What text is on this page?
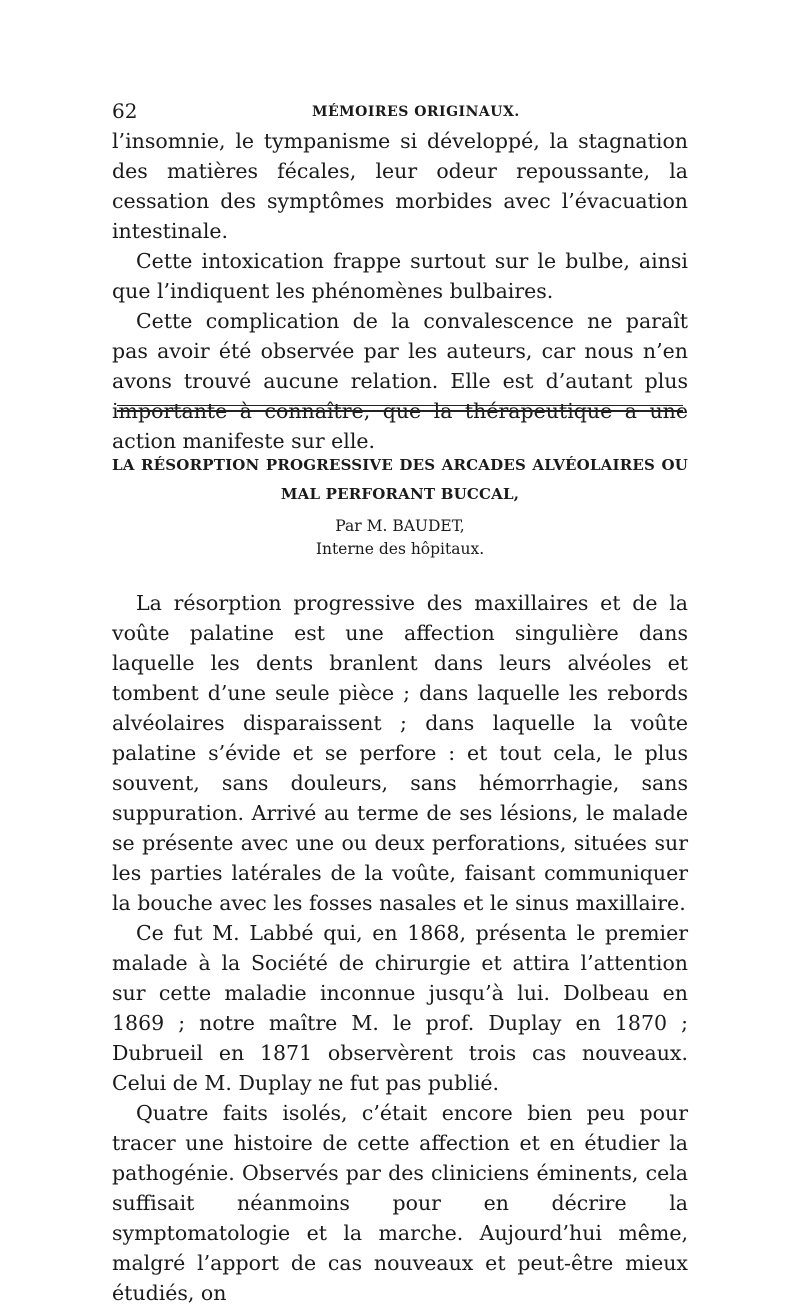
62	MÉMOIRES ORIGINAUX.

l’insomnie, le tympanisme si développé, la stagnation des matières fécales, leur odeur repoussante, la cessation des symptômes morbides avec l’évacuation intestinale.

Cette intoxication frappe surtout sur le bulbe, ainsi que l’indiquent les phénomènes bulbaires.

Cette complication de la convalescence ne paraît pas avoir été observée par les auteurs, car nous n’en avons trouvé aucune relation. Elle est d’autant plus importante à connaître, que la thérapeutique a une action manifeste sur elle.

LA RÉSORPTION PROGRESSIVE DES ARCADES ALVÉOLAIRES OU
MAL PERFORANT BUCCAL,
Par M. BAUDET,
Interne des hôpitaux.

La résorption progressive des maxillaires et de la voûte palatine est une affection singulière dans laquelle les dents branlent dans leurs alvéoles et tombent d’une seule pièce ; dans laquelle les rebords alvéolaires disparaissent ; dans laquelle la voûte palatine s’évide et se perfore : et tout cela, le plus souvent, sans douleurs, sans hémorrhagie, sans suppuration. Arrivé au terme de ses lésions, le malade se présente avec une ou deux perforations, situées sur les parties latérales de la voûte, faisant communiquer la bouche avec les fosses nasales et le sinus maxillaire.

Ce fut M. Labbé qui, en 1868, présenta le premier malade à la Société de chirurgie et attira l’attention sur cette maladie inconnue jusqu’à lui. Dolbeau en 1869 ; notre maître M. le prof. Duplay en 1870 ; Dubrueil en 1871 observèrent trois cas nouveaux. Celui de M. Duplay ne fut pas publié.

Quatre faits isolés, c’était encore bien peu pour tracer une histoire de cette affection et en étudier la pathogénie. Observés par des cliniciens éminents, cela suffisait néanmoins pour en décrire la symptomatologie et la marche. Aujourd’hui même, malgré l’apport de cas nouveaux et peut-être mieux étudiés, on
